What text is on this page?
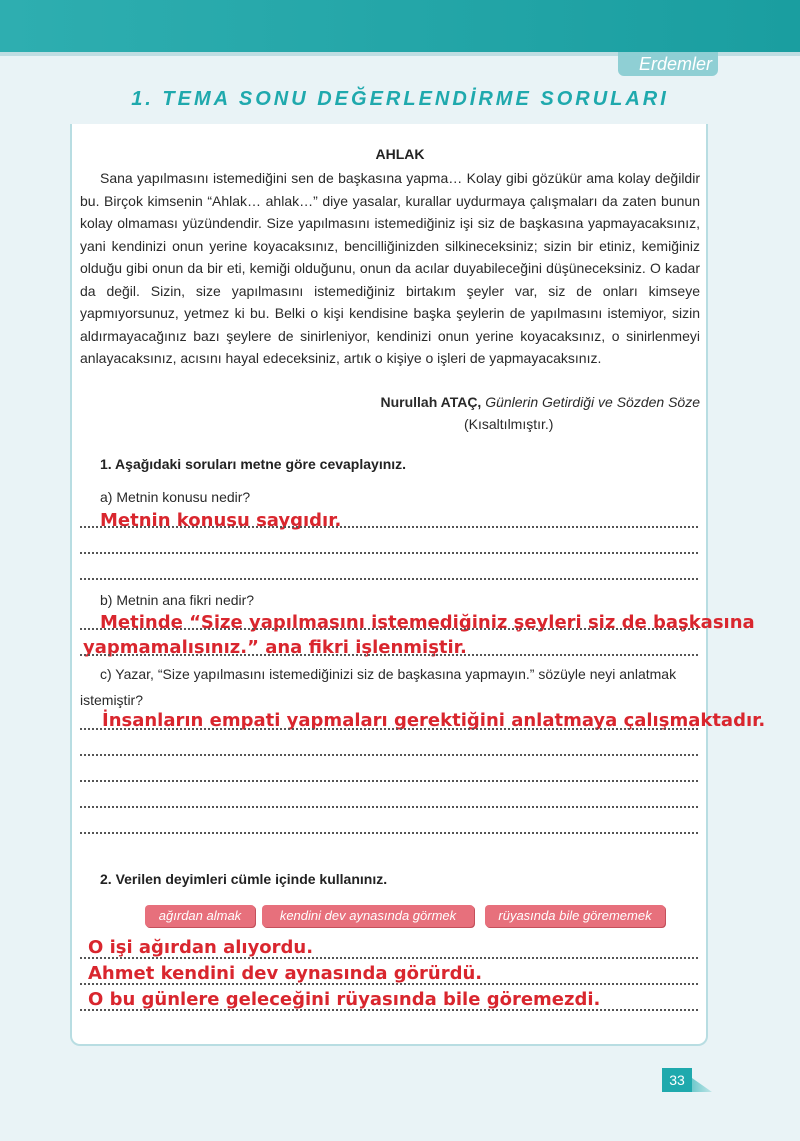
Erdemler
1. TEMA SONU DEĞERLENDİRME SORULARI
AHLAK

Sana yapılmasını istemediğini sen de başkasına yapma… Kolay gibi gözükür ama kolay değildir bu. Birçok kimsenin “Ahlak… ahlak…” diye yasalar, kurallar uydurmaya çalışmaları da zaten bunun kolay olmaması yüzündendir. Size yapılmasını istemediğiniz işi siz de başkasına yapmayacaksınız, yani kendinizi onun yerine koyacaksınız, bencilliğinizden silkineceksiniz; sizin bir etiniz, kemiğiniz olduğu gibi onun da bir eti, kemiği olduğunu, onun da acılar duyabileceğini düşüneceksiniz. O kadar da değil. Sizin, size yapılmasını istemediğiniz birtakım şeyler var, siz de onları kimseye yapmıyorsunuz, yetmez ki bu. Belki o kişi kendisine başka şeylerin de yapılmasını istemiyor, sizin aldırmayacağınız bazı şeylere de sinirleniyor, kendinizi onun yerine koyacaksınız, o sinirlenmeyi anlayacaksınız, acısını hayal edeceksiniz, artık o kişiye o işleri de yapmayacaksınız.

Nurullah ATAÇ, Günlerin Getirdiği ve Sözden Söze
(Kısaltılmıştır.)
1. Aşağıdaki soruları metne göre cevaplayınız.
a) Metnin konusu nedir?
Metnin konusu saygıdır.
b) Metnin ana fikri nedir?
Metinde “Size yapılmasını istemediğiniz şeyleri siz de başkasına
yapmamalısınız.” ana fikri işlenmiştir.
c) Yazar, “Size yapılmasını istemediğinizi siz de başkasına yapmayın.” sözüyle neyi anlatmak istemiştir?
İnsanların empati yapmaları gerektiğini anlatmaya çalışmaktadır.
2. Verilen deyimleri cümle içinde kullanınız.
ağırdan almak	kendini dev aynasında görmek	rüyasında bile görememek
O işi ağırdan alıyordu.
Ahmet kendini dev aynasında görürdü.
O bu günlere geleceğini rüyasında bile göremezdi.
33
